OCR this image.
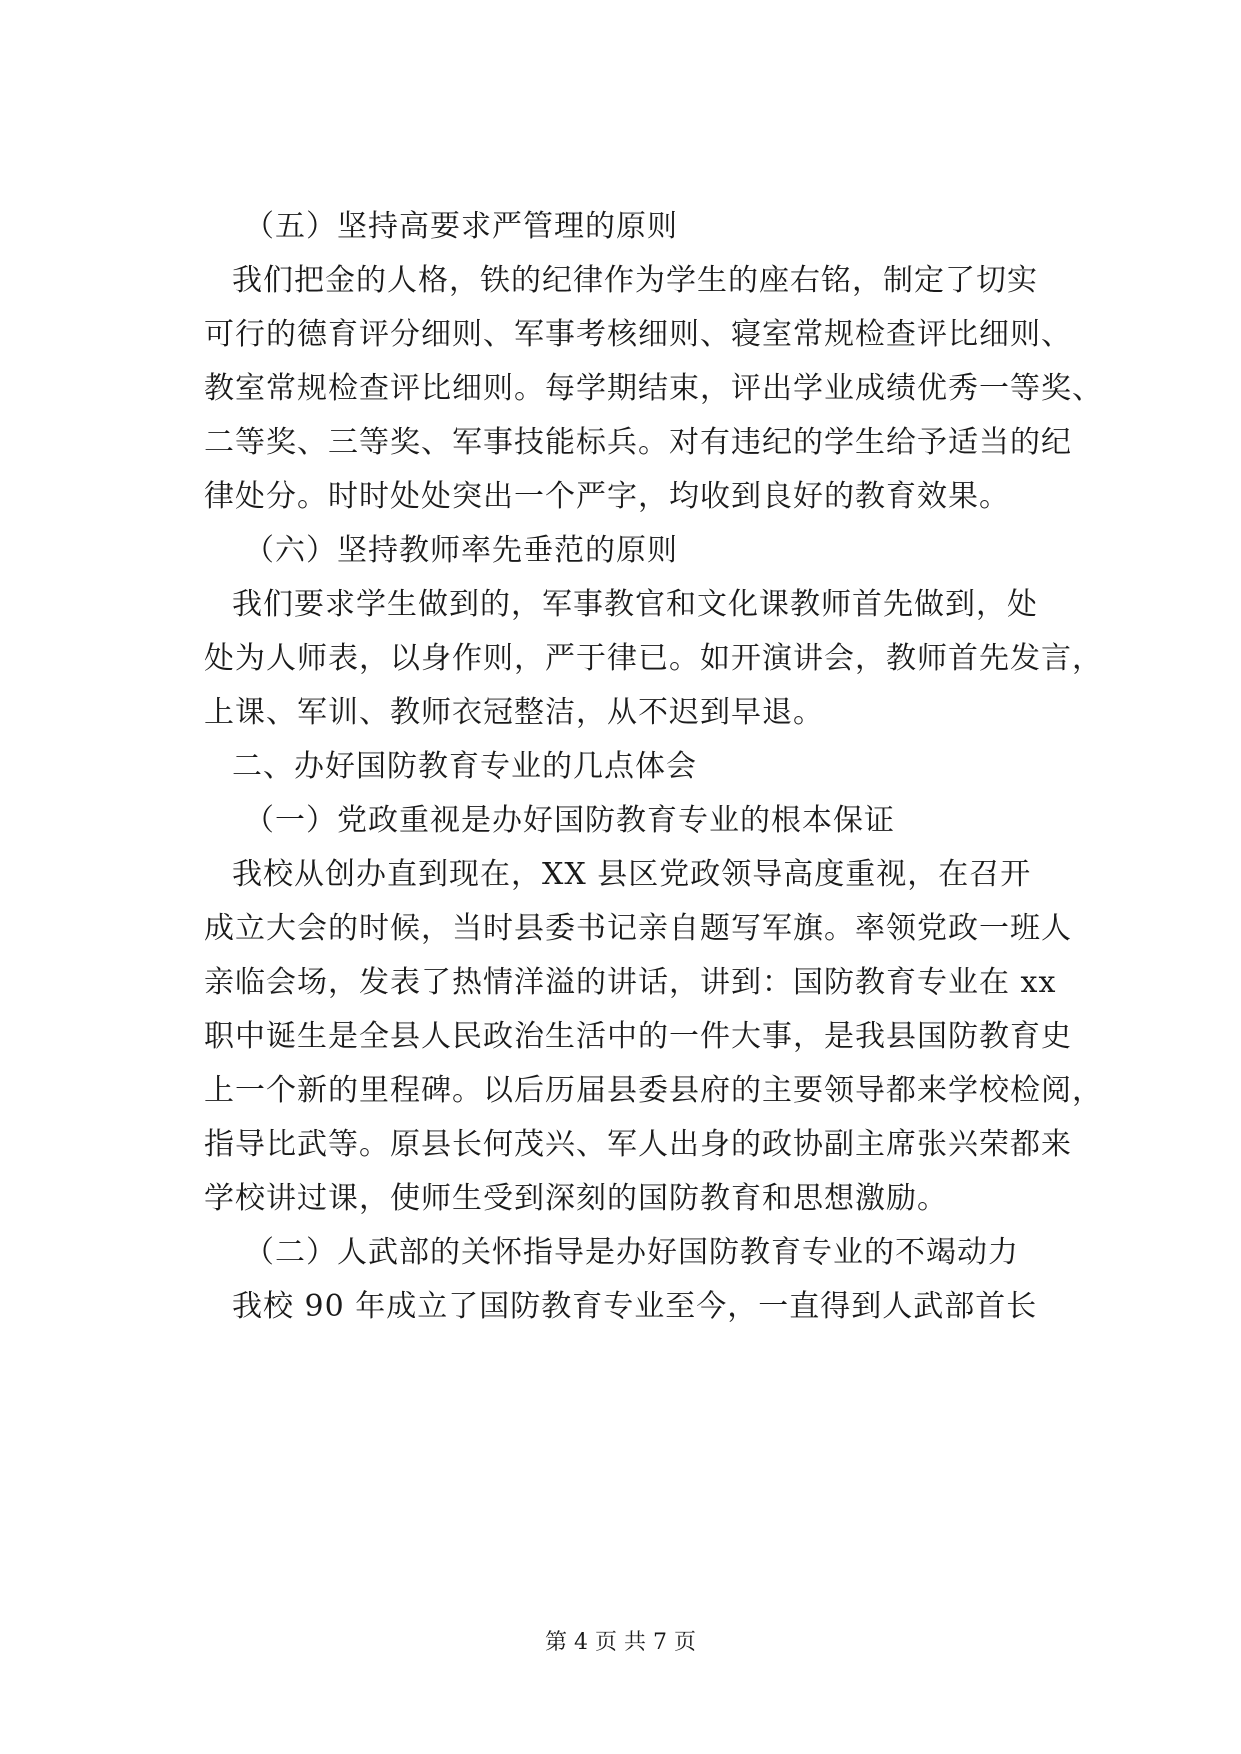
（五）坚持高要求严管理的原则
我们把金的人格，铁的纪律作为学生的座右铭，制定了切实
可行的德育评分细则、军事考核细则、寝室常规检查评比细则、
教室常规检查评比细则。每学期结束，评出学业成绩优秀一等奖、
二等奖、三等奖、军事技能标兵。对有违纪的学生给予适当的纪
律处分。时时处处突出一个严字，均收到良好的教育效果。
（六）坚持教师率先垂范的原则
我们要求学生做到的，军事教官和文化课教师首先做到，处
处为人师表，以身作则，严于律已。如开演讲会，教师首先发言，
上课、军训、教师衣冠整洁，从不迟到早退。
二、办好国防教育专业的几点体会
（一）党政重视是办好国防教育专业的根本保证
我校从创办直到现在，XX 县区党政领导高度重视，在召开
成立大会的时候，当时县委书记亲自题写军旗。率领党政一班人
亲临会场，发表了热情洋溢的讲话，讲到：国防教育专业在 xx
职中诞生是全县人民政治生活中的一件大事，是我县国防教育史
上一个新的里程碑。以后历届县委县府的主要领导都来学校检阅，
指导比武等。原县长何茂兴、军人出身的政协副主席张兴荣都来
学校讲过课，使师生受到深刻的国防教育和思想激励。
（二）人武部的关怀指导是办好国防教育专业的不竭动力
我校 90 年成立了国防教育专业至今，一直得到人武部首长
第 4 页 共 7 页
